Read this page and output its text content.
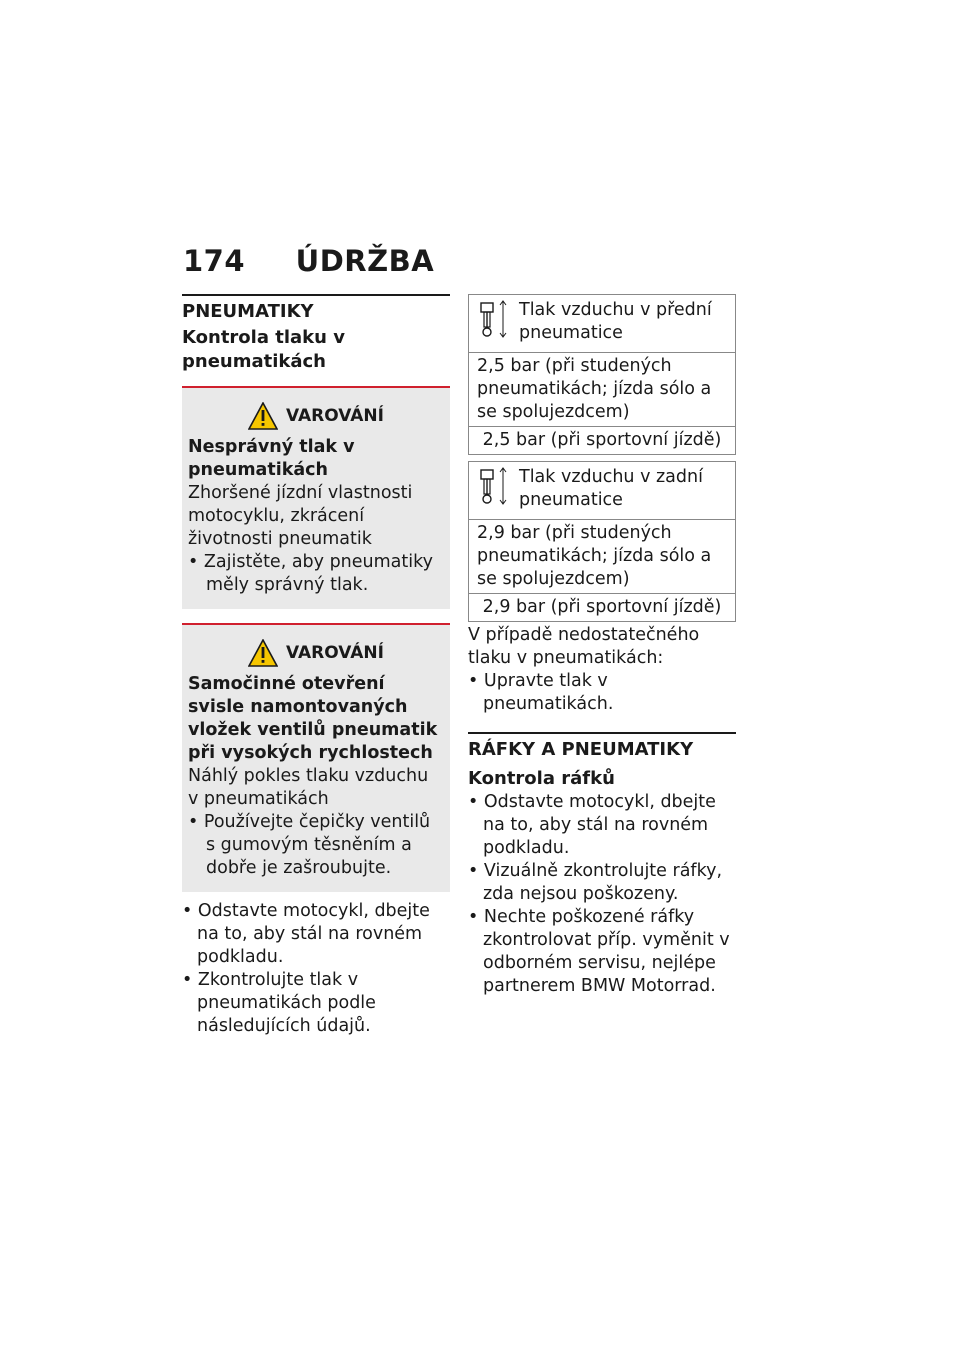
174 ÚDRŽBA
PNEUMATIKY
Kontrola tlaku v pneumatikách
VAROVÁNÍ
Nesprávný tlak v pneumatikách
Zhoršené jízdní vlastnosti motocyklu, zkrácení životnosti pneumatik
• Zajistěte, aby pneumatiky měly správný tlak.
VAROVÁNÍ
Samočinné otevření svisle namontovaných vložek ventilů pneumatik při vysokých rychlostech
Náhlý pokles tlaku vzduchu v pneumatikách
• Používejte čepičky ventilů s gumovým těsněním a dobře je zašroubujte.
• Odstavte motocykl, dbejte na to, aby stál na rovném podkladu.
• Zkontrolujte tlak v pneumatikách podle následujících údajů.
Tlak vzduchu v přední pneumatice
2,5 bar (při studených pneumatikách; jízda sólo a se spolujezdcem)
2,5 bar (při sportovní jízdě)
Tlak vzduchu v zadní pneumatice
2,9 bar (při studených pneumatikách; jízda sólo a se spolujezdcem)
2,9 bar (při sportovní jízdě)
V případě nedostatečného tlaku v pneumatikách:
• Upravte tlak v pneumatikách.
RÁFKY A PNEUMATIKY
Kontrola ráfků
• Odstavte motocykl, dbejte na to, aby stál na rovném podkladu.
• Vizuálně zkontrolujte ráfky, zda nejsou poškozeny.
• Nechte poškozené ráfky zkontrolovat příp. vyměnit v odborném servisu, nejlépe partnerem BMW Motorrad.
